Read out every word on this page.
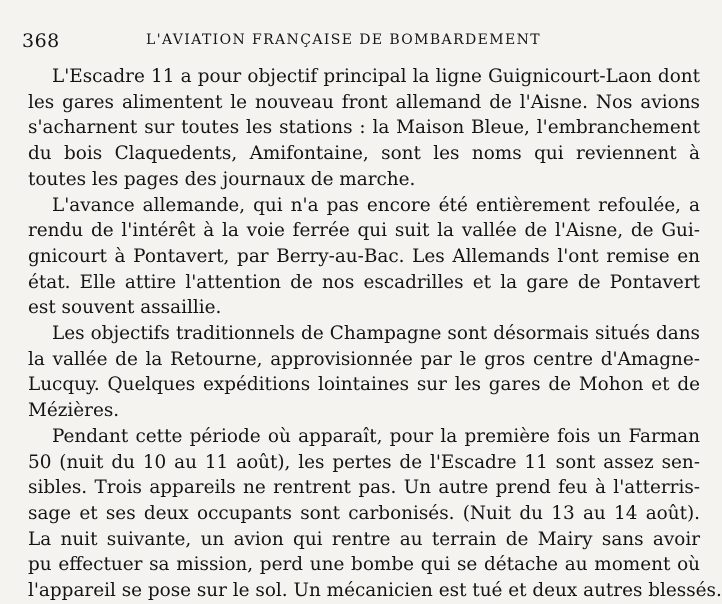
368	L'AVIATION FRANÇAISE DE BOMBARDEMENT

L'Escadre 11 a pour objectif principal la ligne Guignicourt-Laon dont
les gares alimentent le nouveau front allemand de l'Aisne. Nos avions
s'acharnent sur toutes les stations : la Maison Bleue, l'embranchement
du bois Claquedents, Amifontaine, sont les noms qui reviennent à
toutes les pages des journaux de marche.

L'avance allemande, qui n'a pas encore été entièrement refoulée, a
rendu de l'intérêt à la voie ferrée qui suit la vallée de l'Aisne, de Gui-
gnicourt à Pontavert, par Berry-au-Bac. Les Allemands l'ont remise en
état. Elle attire l'attention de nos escadrilles et la gare de Pontavert
est souvent assaillie.

Les objectifs traditionnels de Champagne sont désormais situés dans
la vallée de la Retourne, approvisionnée par le gros centre d'Amagne-
Lucquy. Quelques expéditions lointaines sur les gares de Mohon et de
Mézières.

Pendant cette période où apparaît, pour la première fois un Farman
50 (nuit du 10 au 11 août), les pertes de l'Escadre 11 sont assez sen-
sibles. Trois appareils ne rentrent pas. Un autre prend feu à l'atterris-
sage et ses deux occupants sont carbonisés. (Nuit du 13 au 14 août).
La nuit suivante, un avion qui rentre au terrain de Mairy sans avoir
pu effectuer sa mission, perd une bombe qui se détache au moment où
l'appareil se pose sur le sol. Un mécanicien est tué et deux autres blessés.
